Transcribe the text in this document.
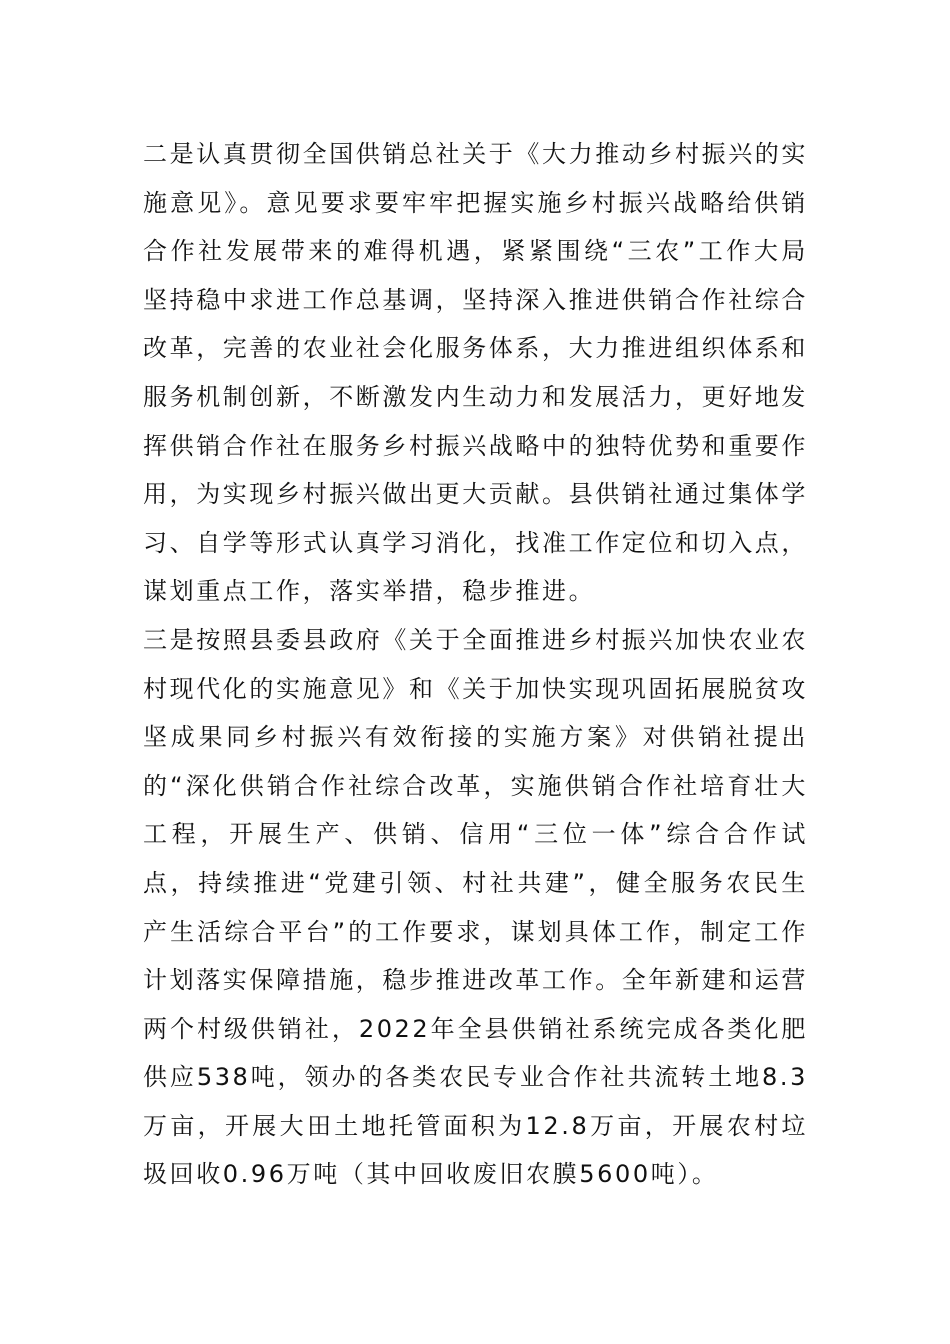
二是认真贯彻全国供销总社关于《大力推动乡村振兴的实施意见》。意见要求要牢牢把握实施乡村振兴战略给供销合作社发展带来的难得机遇，紧紧围绕“三农”工作大局坚持稳中求进工作总基调，坚持深入推进供销合作社综合改革，完善的农业社会化服务体系，大力推进组织体系和服务机制创新，不断激发内生动力和发展活力，更好地发挥供销合作社在服务乡村振兴战略中的独特优势和重要作用，为实现乡村振兴做出更大贡献。县供销社通过集体学习、自学等形式认真学习消化，找准工作定位和切入点，谋划重点工作，落实举措，稳步推进。

三是按照县委县政府《关于全面推进乡村振兴加快农业农村现代化的实施意见》和《关于加快实现巩固拓展脱贫攻坚成果同乡村振兴有效衔接的实施方案》对供销社提出的“深化供销合作社综合改革，实施供销合作社培育壮大工程，开展生产、供销、信用“三位一体”综合合作试点，持续推进“党建引领、村社共建”，健全服务农民生产生活综合平台”的工作要求，谋划具体工作，制定工作计划落实保障措施，稳步推进改革工作。全年新建和运营两个村级供销社，2022年全县供销社系统完成各类化肥供应538吨，领办的各类农民专业合作社共流转土地8.3万亩，开展大田土地托管面积为12.8万亩，开展农村垃圾回收0.96万吨（其中回收废旧农膜5600吨）。
